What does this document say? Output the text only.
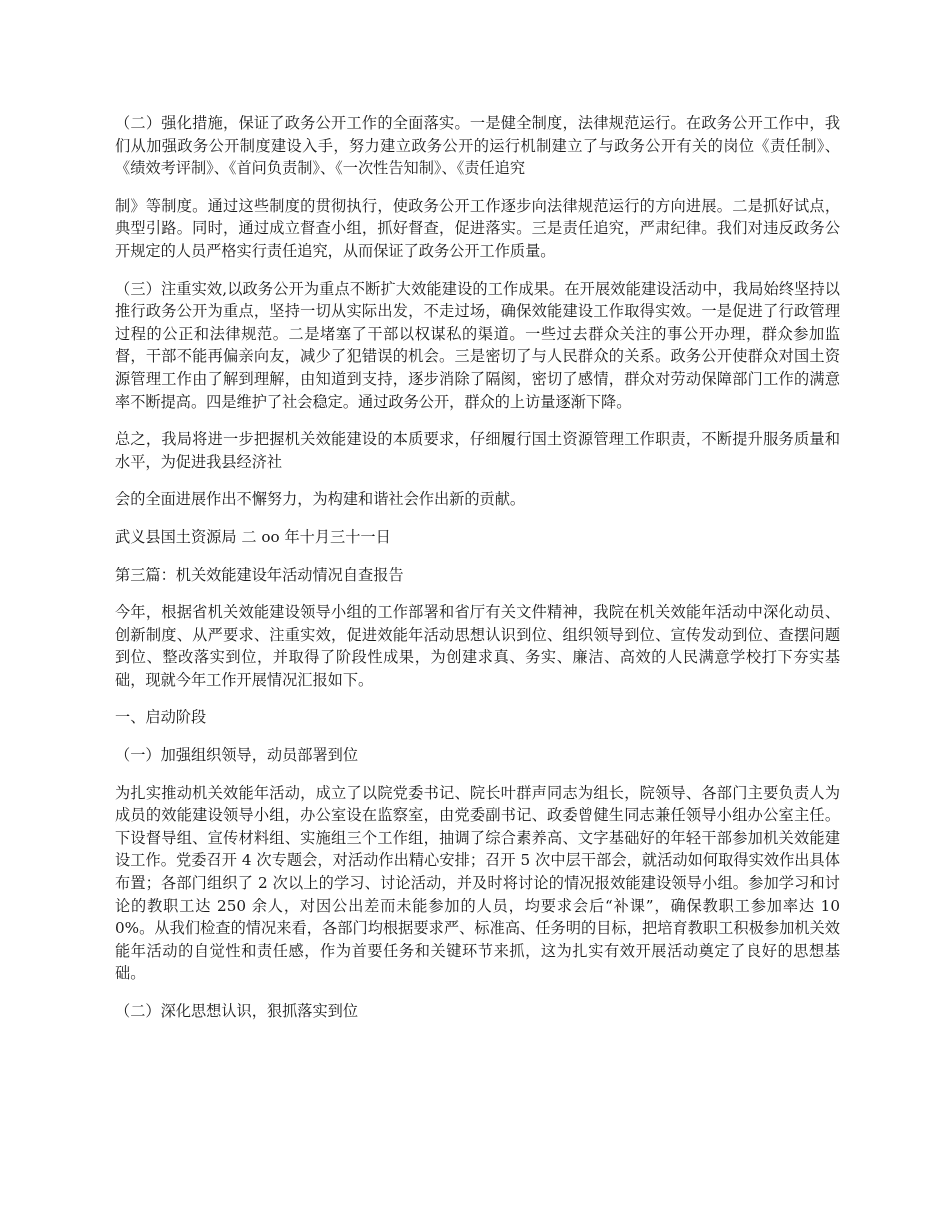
（二）强化措施，保证了政务公开工作的全面落实。一是健全制度，法律规范运行。在政务公开工作中，我们从加强政务公开制度建设入手，努力建立政务公开的运行机制建立了与政务公开有关的岗位《责任制》、《绩效考评制》、《首问负责制》、《一次性告知制》、《责任追究

制》等制度。通过这些制度的贯彻执行，使政务公开工作逐步向法律规范运行的方向进展。二是抓好试点，典型引路。同时，通过成立督查小组，抓好督查，促进落实。三是责任追究，严肃纪律。我们对违反政务公开规定的人员严格实行责任追究，从而保证了政务公开工作质量。

（三）注重实效,以政务公开为重点不断扩大效能建设的工作成果。在开展效能建设活动中，我局始终坚持以推行政务公开为重点，坚持一切从实际出发，不走过场，确保效能建设工作取得实效。一是促进了行政管理过程的公正和法律规范。二是堵塞了干部以权谋私的渠道。一些过去群众关注的事公开办理，群众参加监督，干部不能再偏亲向友，减少了犯错误的机会。三是密切了与人民群众的关系。政务公开使群众对国土资源管理工作由了解到理解，由知道到支持，逐步消除了隔阂，密切了感情，群众对劳动保障部门工作的满意率不断提高。四是维护了社会稳定。通过政务公开，群众的上访量逐渐下降。

总之，我局将进一步把握机关效能建设的本质要求，仔细履行国土资源管理工作职责，不断提升服务质量和水平，为促进我县经济社

会的全面进展作出不懈努力，为构建和谐社会作出新的贡献。

武义县国土资源局 二 oo 年十月三十一日

第三篇：机关效能建设年活动情况自查报告

今年，根据省机关效能建设领导小组的工作部署和省厅有关文件精神，我院在机关效能年活动中深化动员、创新制度、从严要求、注重实效，促进效能年活动思想认识到位、组织领导到位、宣传发动到位、查摆问题到位、整改落实到位，并取得了阶段性成果，为创建求真、务实、廉洁、高效的人民满意学校打下夯实基础，现就今年工作开展情况汇报如下。

一、启动阶段

（一）加强组织领导，动员部署到位

为扎实推动机关效能年活动，成立了以院党委书记、院长叶群声同志为组长，院领导、各部门主要负责人为成员的效能建设领导小组，办公室设在监察室，由党委副书记、政委曾健生同志兼任领导小组办公室主任。下设督导组、宣传材料组、实施组三个工作组，抽调了综合素养高、文字基础好的年轻干部参加机关效能建设工作。党委召开 4 次专题会，对活动作出精心安排；召开 5 次中层干部会，就活动如何取得实效作出具体布置；各部门组织了 2 次以上的学习、讨论活动，并及时将讨论的情况报效能建设领导小组。参加学习和讨论的教职工达 250 余人，对因公出差而未能参加的人员，均要求会后“补课”，确保教职工参加率达 100%。从我们检查的情况来看，各部门均根据要求严、标准高、任务明的目标，把培育教职工积极参加机关效能年活动的自觉性和责任感，作为首要任务和关键环节来抓，这为扎实有效开展活动奠定了良好的思想基础。

（二）深化思想认识，狠抓落实到位
